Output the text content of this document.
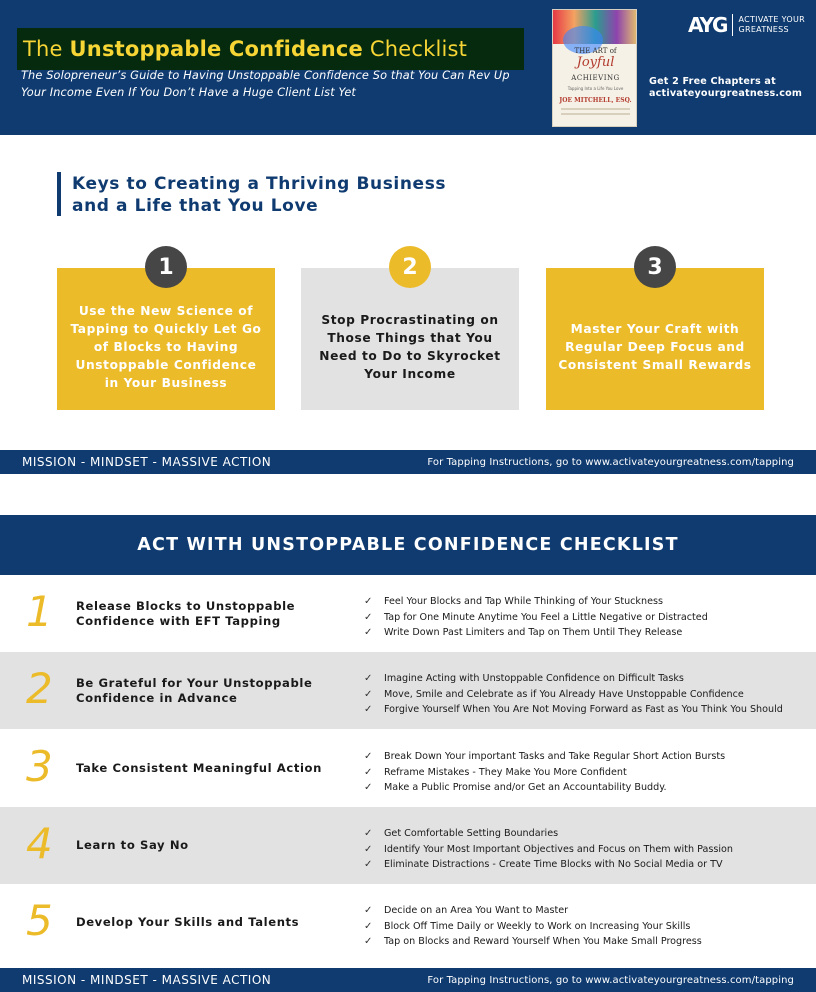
The Unstoppable Confidence Checklist
The Solopreneur’s Guide to Having Unstoppable Confidence So that You Can Rev Up Your Income Even If You Don’t Have a Huge Client List Yet
THE ART of
Joyful
ACHIEVING
Tapping Into a Life You Love
JOE MITCHELL, ESQ.
Get 2 Free Chapters at
activateyourgreatness.com
AYG ACTIVATE YOUR
GREATNESS
Keys to Creating a Thriving Business
and a Life that You Love
Use the New Science of Tapping to Quickly Let Go of Blocks to Having Unstoppable Confidence in Your Business
Stop Procrastinating on Those Things that You Need to Do to Skyrocket Your Income
Master Your Craft with Regular Deep Focus and Consistent Small Rewards
1	2	3
MISSION - MINDSET - MASSIVE ACTION	For Tapping Instructions, go to www.activateyourgreatness.com/tapping
ACT WITH UNSTOPPABLE CONFIDENCE CHECKLIST
1 Release Blocks to Unstoppable Confidence with EFT Tapping
✓	Feel Your Blocks and Tap While Thinking of Your Stuckness
✓	Tap for One Minute Anytime You Feel a Little Negative or Distracted
✓	Write Down Past Limiters and Tap on Them Until They Release
2 Be Grateful for Your Unstoppable Confidence in Advance
✓	Imagine Acting with Unstoppable Confidence on Difficult Tasks
✓	Move, Smile and Celebrate as if You Already Have Unstoppable Confidence
✓	Forgive Yourself When You Are Not Moving Forward as Fast as You Think You Should
3 Take Consistent Meaningful Action
✓	Break Down Your important Tasks and Take Regular Short Action Bursts
✓	Reframe Mistakes - They Make You More Confident
✓	Make a Public Promise and/or Get an Accountability Buddy.
4 Learn to Say No
✓	Get Comfortable Setting Boundaries
✓	Identify Your Most Important Objectives and Focus on Them with Passion
✓	Eliminate Distractions - Create Time Blocks with No Social Media or TV
5 Develop Your Skills and Talents
✓	Decide on an Area You Want to Master
✓	Block Off Time Daily or Weekly to Work on Increasing Your Skills
✓	Tap on Blocks and Reward Yourself When You Make Small Progress
MISSION - MINDSET - MASSIVE ACTION	For Tapping Instructions, go to www.activateyourgreatness.com/tapping
